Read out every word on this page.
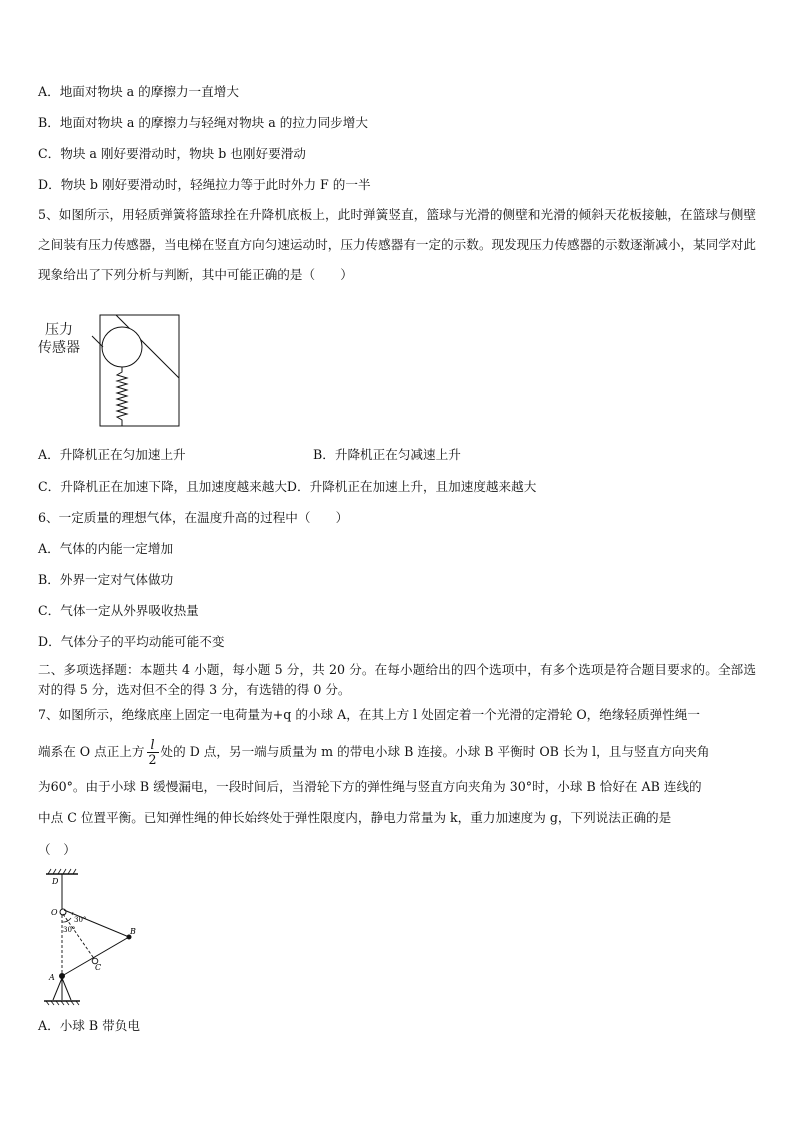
A．地面对物块 a 的摩擦力一直增大
B．地面对物块 a 的摩擦力与轻绳对物块 a 的拉力同步增大
C．物块 a 刚好要滑动时，物块 b 也刚好要滑动
D．物块 b 刚好要滑动时，轻绳拉力等于此时外力 F 的一半
5、如图所示，用轻质弹簧将篮球拴在升降机底板上，此时弹簧竖直，篮球与光滑的侧壁和光滑的倾斜天花板接触，在篮球与侧壁之间装有压力传感器，当电梯在竖直方向匀速运动时，压力传感器有一定的示数。现发现压力传感器的示数逐渐减小，某同学对此现象给出了下列分析与判断，其中可能正确的是（　　）
压力
传感器
A．升降机正在匀加速上升	B．升降机正在匀减速上升
C．升降机正在加速下降，且加速度越来越大D．升降机正在加速上升，且加速度越来越大
6、一定质量的理想气体，在温度升高的过程中（　　）
A．气体的内能一定增加
B．外界一定对气体做功
C．气体一定从外界吸收热量
D．气体分子的平均动能可能不变
二、多项选择题：本题共 4 小题，每小题 5 分，共 20 分。在每小题给出的四个选项中，有多个选项是符合题目要求的。全部选对的得 5 分，选对但不全的得 3 分，有选错的得 0 分。
7、如图所示，绝缘底座上固定一电荷量为+q 的小球 A，在其上方 l 处固定着一个光滑的定滑轮 O，绝缘轻质弹性绳一
端系在 O 点正上方 $\frac{l}{2}$ 处的 D 点，另一端与质量为 m 的带电小球 B 连接。小球 B 平衡时 OB 长为 l，且与竖直方向夹角
为60°。由于小球 B 缓慢漏电，一段时间后，当滑轮下方的弹性绳与竖直方向夹角为 30°时，小球 B 恰好在 AB 连线的
中点 C 位置平衡。已知弹性绳的伸长始终处于弹性限度内，静电力常量为 k，重力加速度为 g，下列说法正确的是
（　）
D
O
B
C
A
30°
30°
A．小球 B 带负电
